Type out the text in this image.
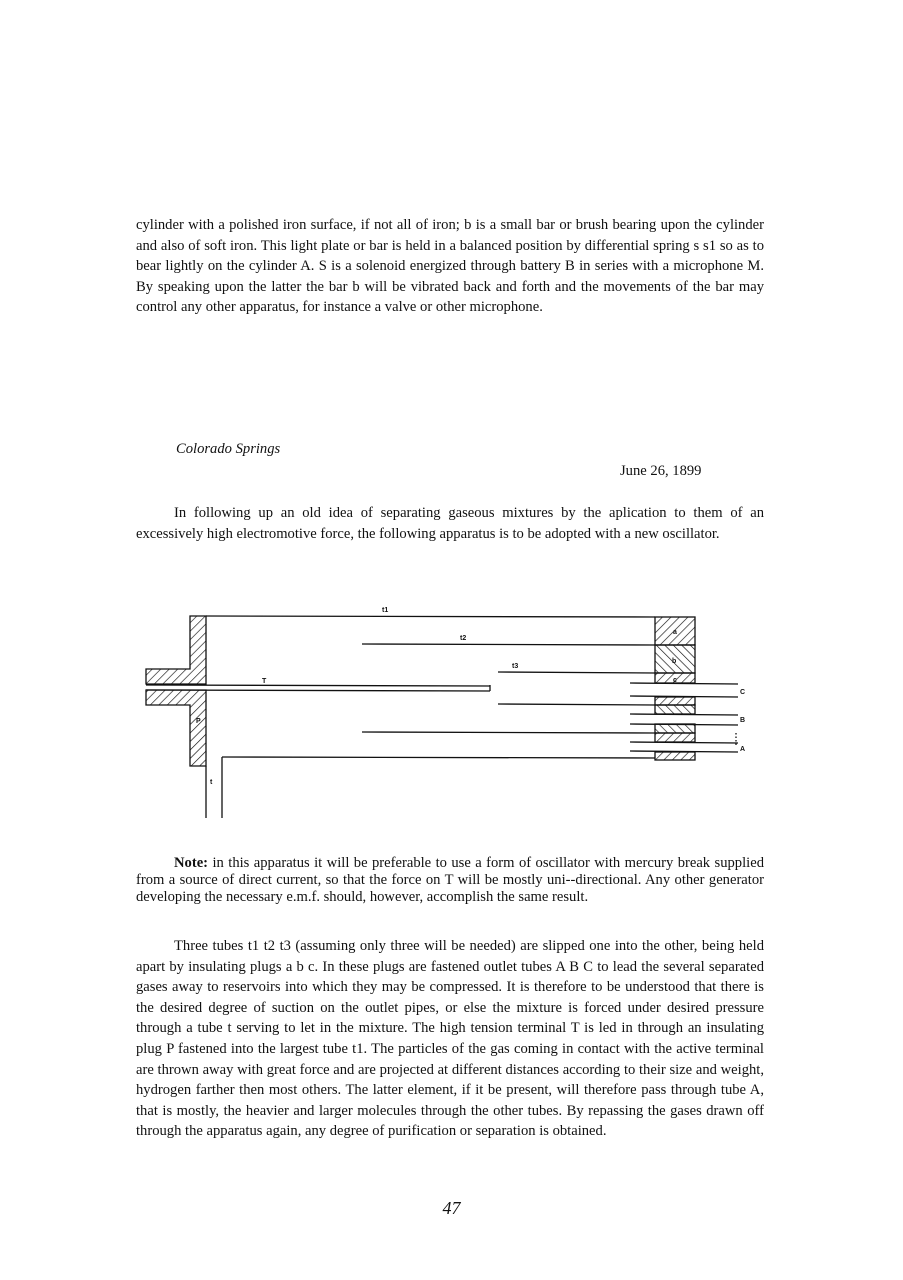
cylinder with a polished iron surface, if not all of iron; b is a small bar or brush bearing upon the cylinder and also of soft iron. This light plate or bar is held in a balanced position by differential spring s s1 so as to bear lightly on the cylinder A. S is a solenoid energized through battery B in series with a microphone M. By speaking upon the latter the bar b will be vibrated back and forth and the movements of the bar may control any other apparatus, for instance a valve or other microphone.

Colorado Springs
June 26, 1899

In following up an old idea of separating gaseous mixtures by the aplication to them of an excessively high electromotive force, the following apparatus is to be adopted with a new oscillator.

t1
t2
t3
T
t
P
a
b
c
C
B
A

Note: in this apparatus it will be preferable to use a form of oscillator with mercury break supplied from a source of direct current, so that the force on T will be mostly uni--directional. Any other generator developing the necessary e.m.f. should, however, accomplish the same result.

Three tubes t1 t2 t3 (assuming only three will be needed) are slipped one into the other, being held apart by insulating plugs a b c. In these plugs are fastened outlet tubes A B C to lead the several separated gases away to reservoirs into which they may be compressed. It is therefore to be understood that there is the desired degree of suction on the outlet pipes, or else the mixture is forced under desired pressure through a tube t serving to let in the mixture. The high tension terminal T is led in through an insulating plug P fastened into the largest tube t1. The particles of the gas coming in contact with the active terminal are thrown away with great force and are projected at different distances according to their size and weight, hydrogen farther then most others. The latter element, if it be present, will therefore pass through tube A, that is mostly, the heavier and larger molecules through the other tubes. By repassing the gases drawn off through the apparatus again, any degree of purification or separation is obtained.

47
